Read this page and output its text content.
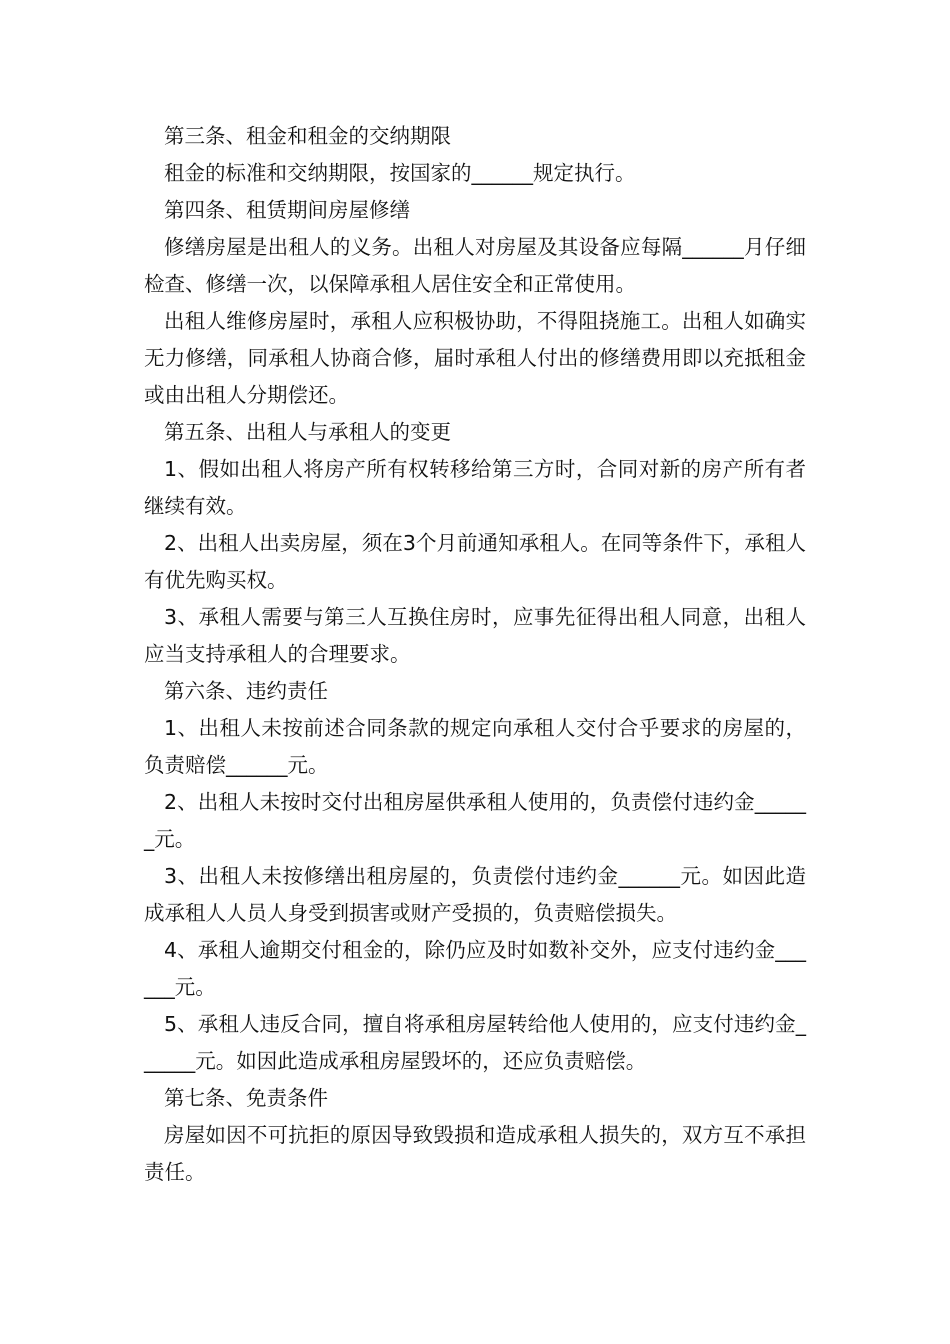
第三条、租金和租金的交纳期限

租金的标准和交纳期限，按国家的______规定执行。

第四条、租赁期间房屋修缮

修缮房屋是出租人的义务。出租人对房屋及其设备应每隔______月仔细检查、修缮一次，以保障承租人居住安全和正常使用。

出租人维修房屋时，承租人应积极协助，不得阻挠施工。出租人如确实无力修缮，同承租人协商合修，届时承租人付出的修缮费用即以充抵租金或由出租人分期偿还。

第五条、出租人与承租人的变更

1、假如出租人将房产所有权转移给第三方时，合同对新的房产所有者继续有效。

2、出租人出卖房屋，须在3个月前通知承租人。在同等条件下，承租人有优先购买权。

3、承租人需要与第三人互换住房时，应事先征得出租人同意，出租人应当支持承租人的合理要求。

第六条、违约责任

1、出租人未按前述合同条款的规定向承租人交付合乎要求的房屋的，负责赔偿______元。

2、出租人未按时交付出租房屋供承租人使用的，负责偿付违约金______元。

3、出租人未按修缮出租房屋的，负责偿付违约金______元。如因此造成承租人人员人身受到损害或财产受损的，负责赔偿损失。

4、承租人逾期交付租金的，除仍应及时如数补交外，应支付违约金______元。

5、承租人违反合同，擅自将承租房屋转给他人使用的，应支付违约金______元。如因此造成承租房屋毁坏的，还应负责赔偿。

第七条、免责条件

房屋如因不可抗拒的原因导致毁损和造成承租人损失的，双方互不承担责任。
